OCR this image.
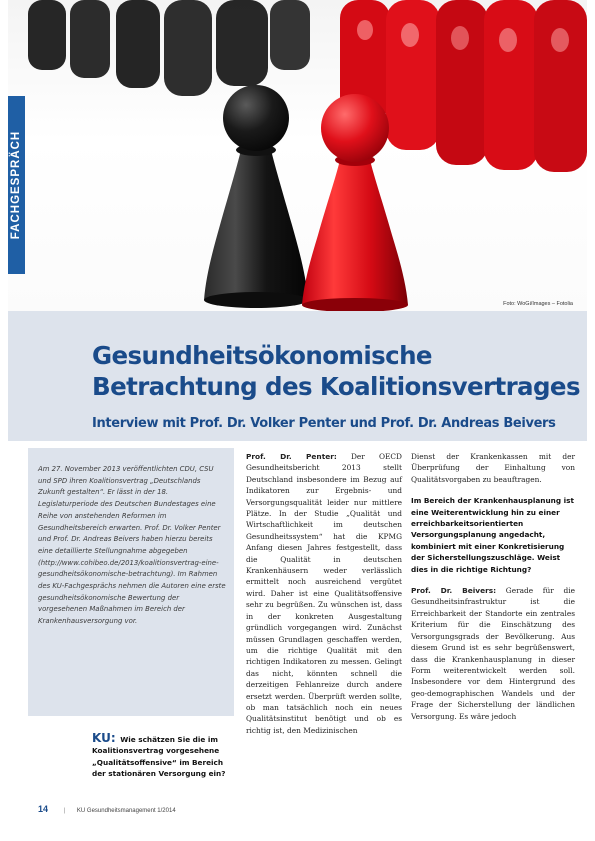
Foto: WoGi/Images – Fotolia
FACHGESPRÄCH
Gesundheitsökonomische
Betrachtung des Koalitionsvertrages
Interview mit Prof. Dr. Volker Penter und Prof. Dr. Andreas Beivers

Am 27. November 2013 veröffentlichten CDU, CSU und SPD ihren Koalitionsvertrag „Deutschlands Zukunft gestalten“. Er lässt in der 18. Legislaturperiode des Deutschen Bundestages eine Reihe von anstehenden Reformen im Gesundheitsbereich erwarten. Prof. Dr. Volker Penter und Prof. Dr. Andreas Beivers haben hierzu bereits eine detaillierte Stellungnahme abgegeben (http://www.cohibeo.de/2013/koalitionsvertrag-eine-gesundheitsökonomische-betrachtung). Im Rahmen des KU-Fachgesprächs nehmen die Autoren eine erste gesundheitsökonomische Bewertung der vorgesehenen Maßnahmen im Bereich der Krankenhausversorgung vor.

KU: Wie schätzen Sie die im Koalitionsvertrag vorgesehene „Qualitätsoffensive“ im Bereich der stationären Versorgung ein?

Prof. Dr. Penter: Der OECD Gesundheitsbericht 2013 stellt Deutschland insbesondere im Bezug auf Indikatoren zur Ergebnis- und Versorgungsqualität leider nur mittlere Plätze. In der Studie „Qualität und Wirtschaftlichkeit im deutschen Gesundheitssystem“ hat die KPMG Anfang diesen Jahres festgestellt, dass die Qualität in deutschen Krankenhäusern weder verlässlich ermittelt noch ausreichend vergütet wird. Daher ist eine Qualitätsoffensive sehr zu begrüßen. Zu wünschen ist, dass in der konkreten Ausgestaltung gründlich vorgegangen wird. Zunächst müssen Grundlagen geschaffen werden, um die richtige Qualität mit den richtigen Indikatoren zu messen. Gelingt das nicht, könnten schnell die derzeitigen Fehlanreize durch andere ersetzt werden. Überprüft werden sollte, ob man tatsächlich noch ein neues Qualitätsinstitut benötigt und ob es richtig ist, den Medizinischen

Dienst der Krankenkassen mit der Überprüfung der Einhaltung von Qualitätsvorgaben zu beauftragen.

Im Bereich der Krankenhausplanung ist eine Weiterentwicklung hin zu einer erreichbarkeitsorientierten Versorgungsplanung angedacht, kombiniert mit einer Konkretisierung der Sicherstellungszuschläge. Weist dies in die richtige Richtung?

Prof. Dr. Beivers: Gerade für die Gesundheitsinfrastruktur ist die Erreichbarkeit der Standorte ein zentrales Kriterium für die Einschätzung des Versorgungsgrads der Bevölkerung. Aus diesem Grund ist es sehr begrüßenswert, dass die Krankenhausplanung in dieser Form weiterentwickelt werden soll. Insbesondere vor dem Hintergrund des geo-demographischen Wandels und der Frage der Sicherstellung der ländlichen Versorgung. Es wäre jedoch

14	| KU Gesundheitsmanagement 1/2014
